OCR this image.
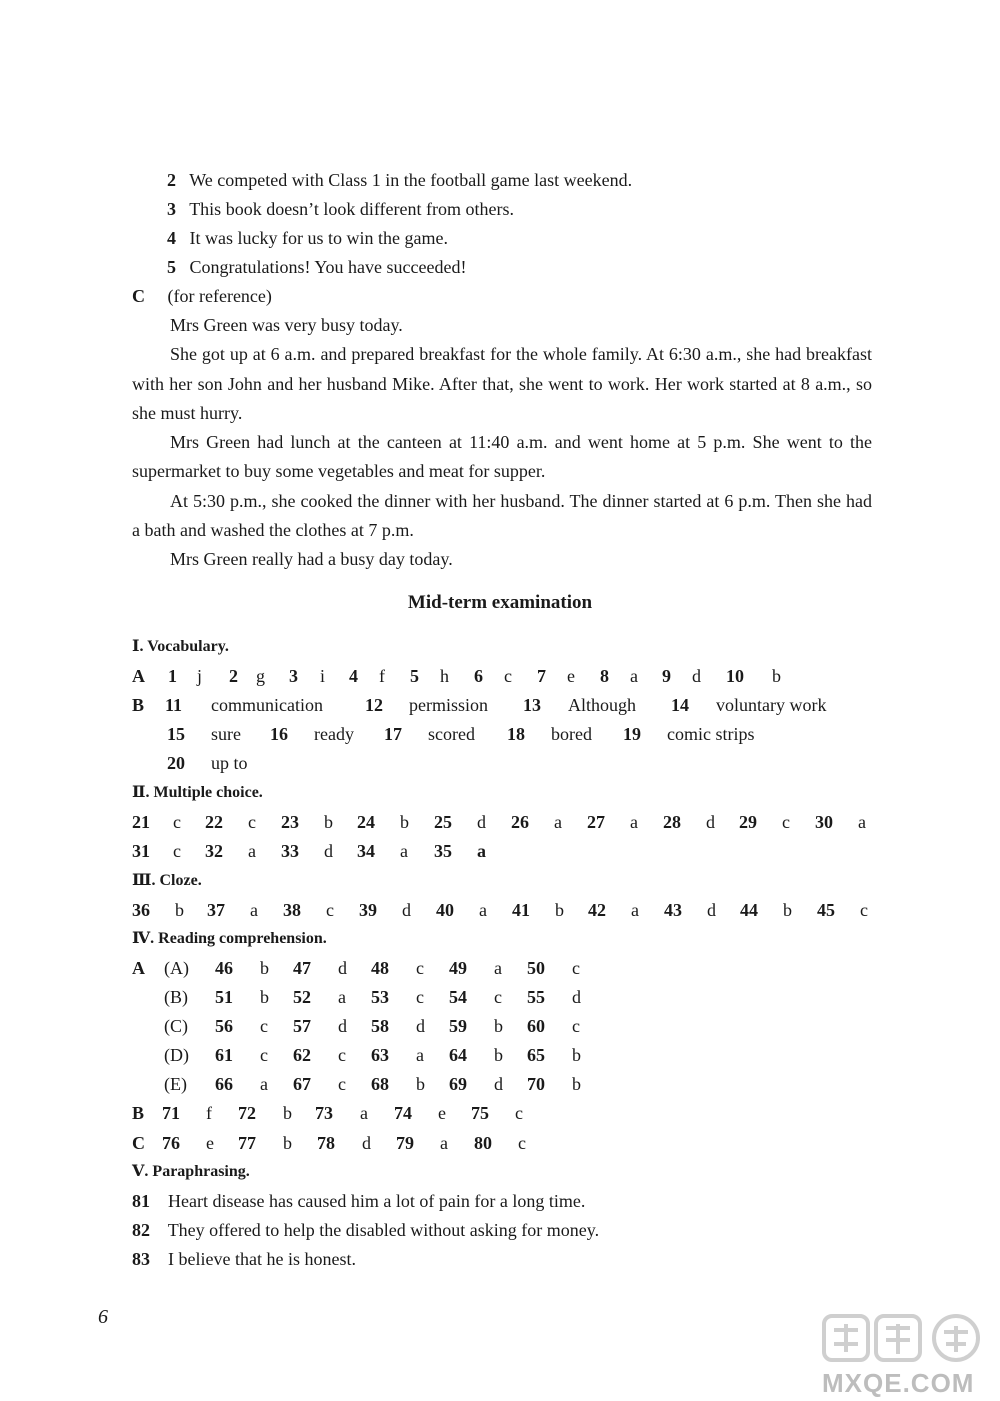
2 We competed with Class 1 in the football game last weekend.
3 This book doesn’t look different from others.
4 It was lucky for us to win the game.
5 Congratulations! You have succeeded!
C (for reference)
Mrs Green was very busy today.
She got up at 6 a.m. and prepared breakfast for the whole family. At 6:30 a.m., she had breakfast with her son John and her husband Mike. After that, she went to work. Her work started at 8 a.m., so she must hurry.
Mrs Green had lunch at the canteen at 11:40 a.m. and went home at 5 p.m. She went to the supermarket to buy some vegetables and meat for supper.
At 5:30 p.m., she cooked the dinner with her husband. The dinner started at 6 p.m. Then she had a bath and washed the clothes at 7 p.m.
Mrs Green really had a busy day today.
Mid-term examination
Ⅰ. Vocabulary.
A 1 j 2 g 3 i 4 f 5 h 6 c 7 e 8 a 9 d 10 b
B 11 communication 12 permission 13 Although 14 voluntary work
15 sure 16 ready 17 scored 18 bored 19 comic strips
20 up to
Ⅱ. Multiple choice.
21 c 22 c 23 b 24 b 25 d 26 a 27 a 28 d 29 c 30 a
31 c 32 a 33 d 34 a 35 a
Ⅲ. Cloze.
36 b 37 a 38 c 39 d 40 a 41 b 42 a 43 d 44 b 45 c
Ⅳ. Reading comprehension.
A (A) 46 b 47 d 48 c 49 a 50 c
(B) 51 b 52 a 53 c 54 c 55 d
(C) 56 c 57 d 58 d 59 b 60 c
(D) 61 c 62 c 63 a 64 b 65 b
(E) 66 a 67 c 68 b 69 d 70 b
B 71 f 72 b 73 a 74 e 75 c
C 76 e 77 b 78 d 79 a 80 c
Ⅴ. Paraphrasing.
81 Heart disease has caused him a lot of pain for a long time.
82 They offered to help the disabled without asking for money.
83 I believe that he is honest.
6
MXQE.COM
